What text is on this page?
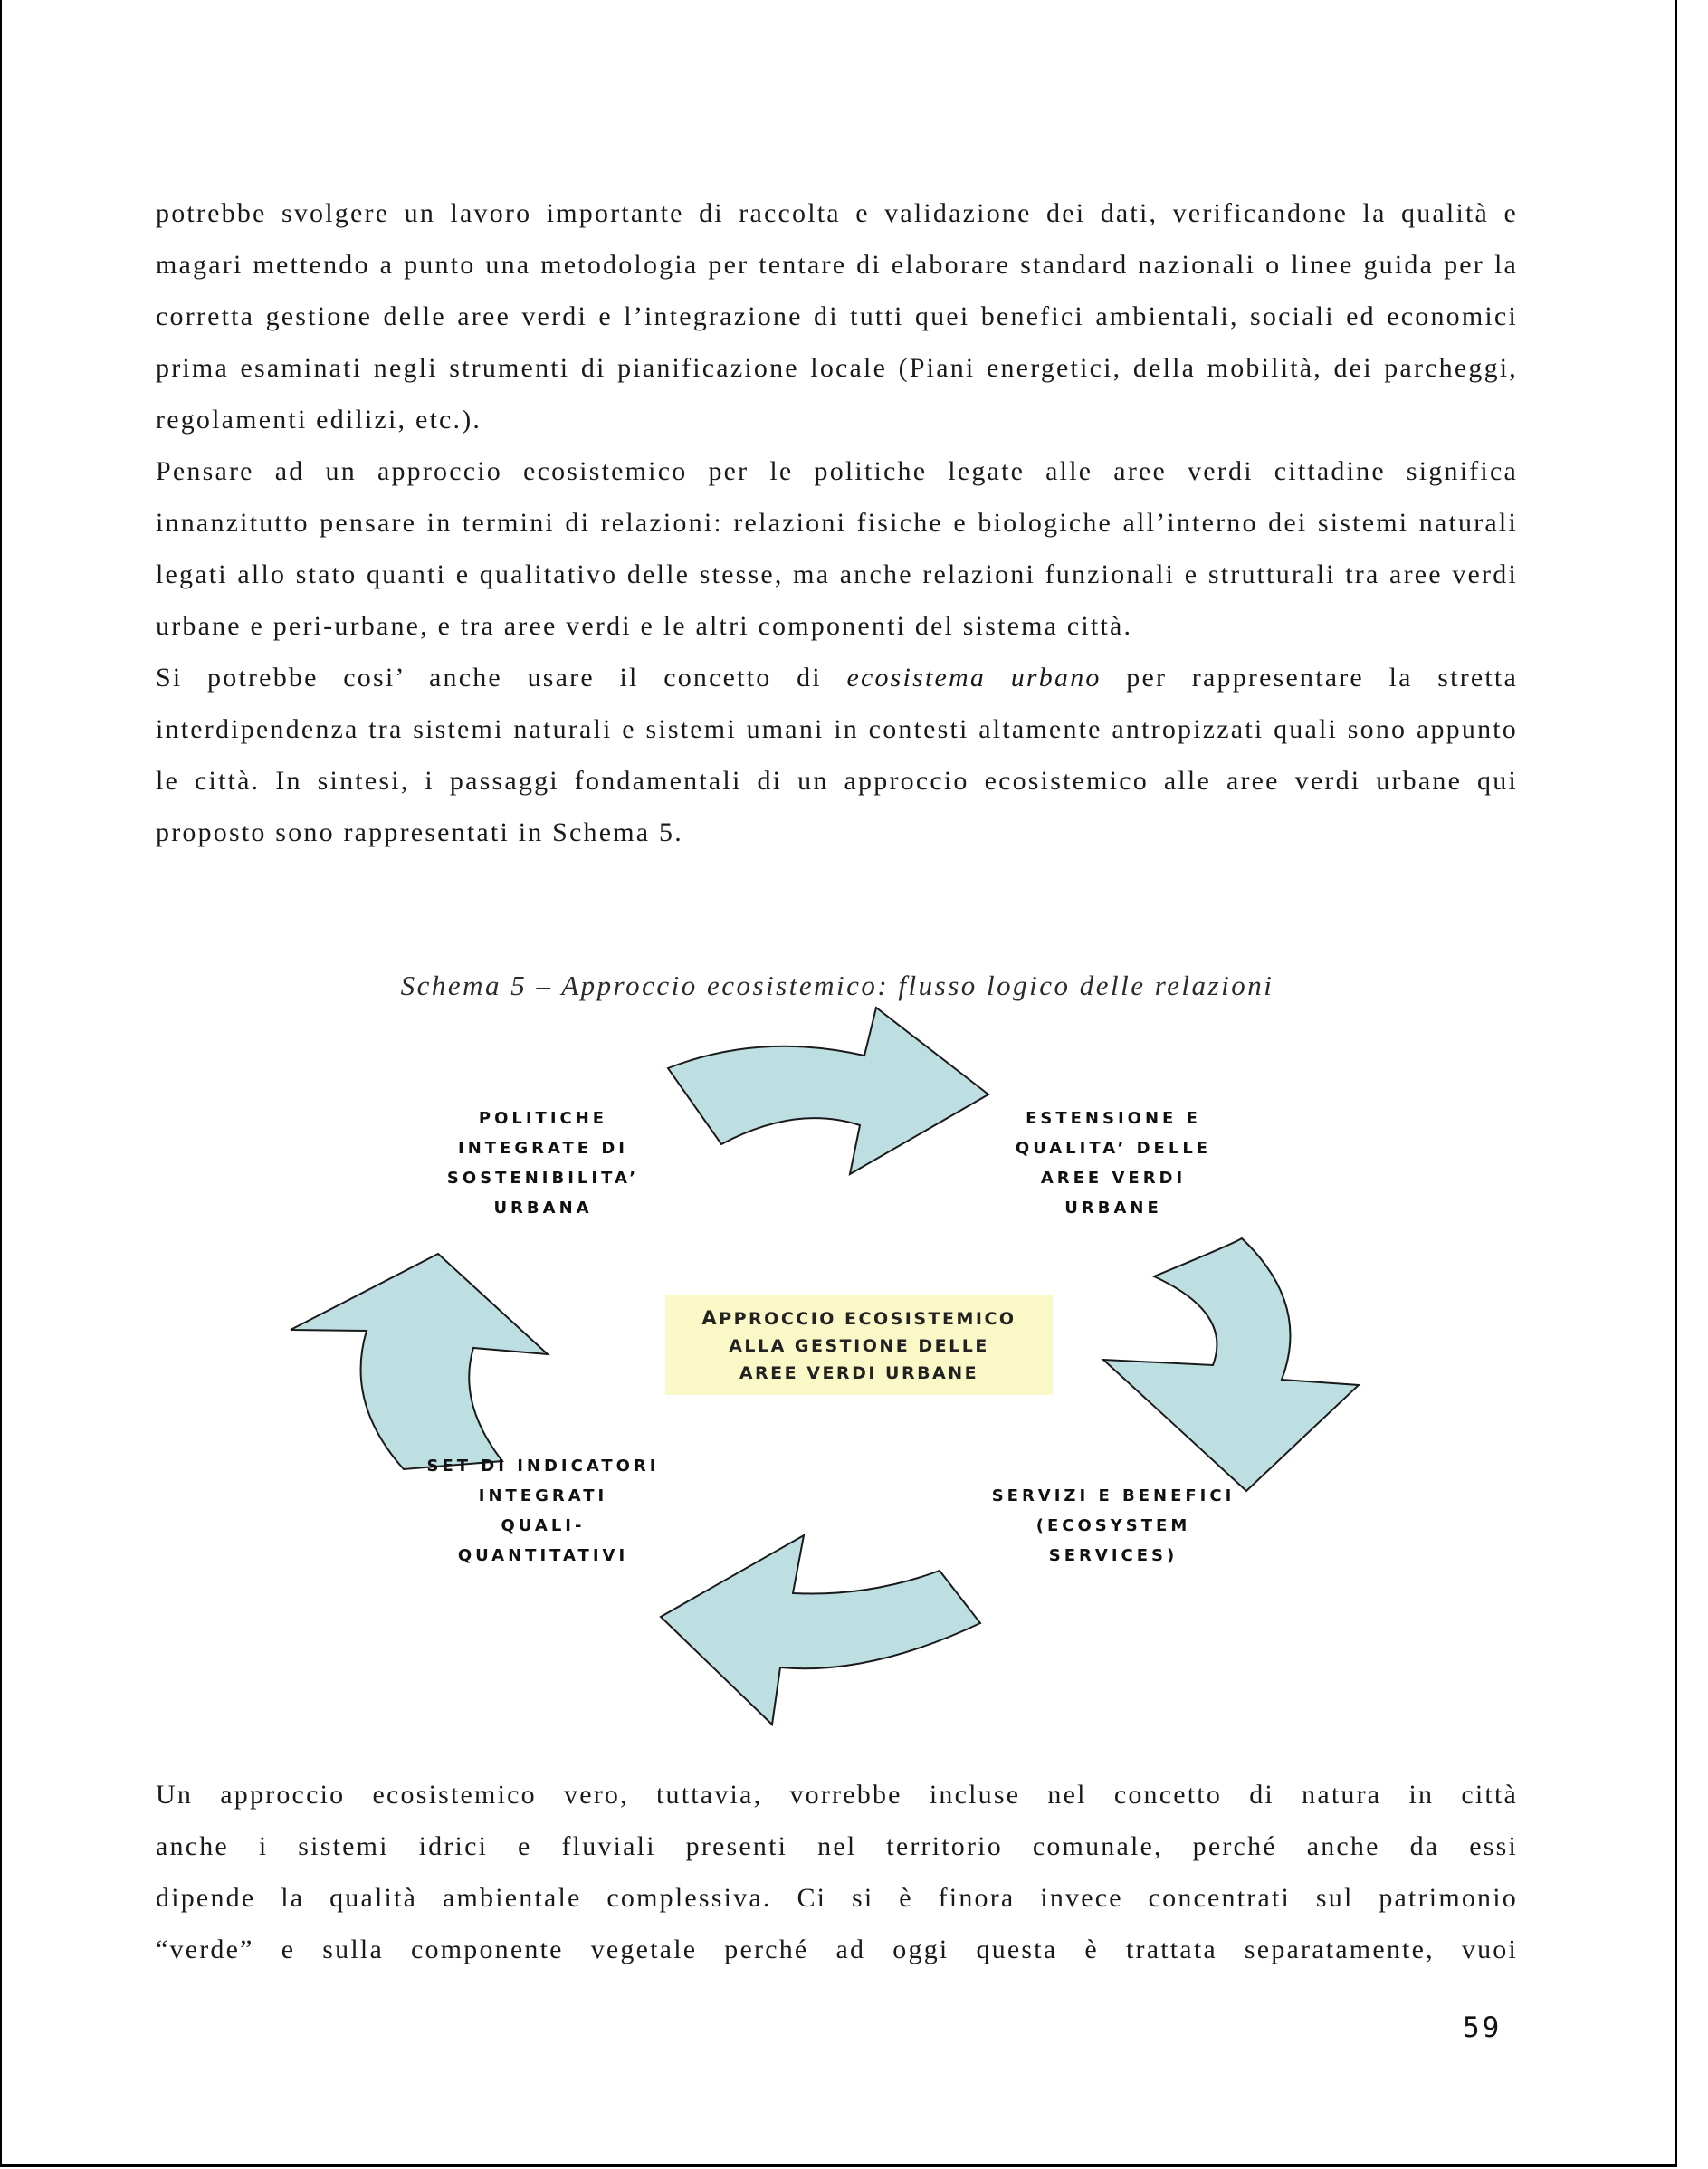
potrebbe svolgere un lavoro importante di raccolta e validazione dei dati, verificandone la qualità e magari mettendo a punto una metodologia per tentare di elaborare standard nazionali o linee guida per la corretta gestione delle aree verdi e l’integrazione di tutti quei benefici ambientali, sociali ed economici prima esaminati negli strumenti di pianificazione locale (Piani energetici, della mobilità, dei parcheggi, regolamenti edilizi, etc.).
Pensare ad un approccio ecosistemico per le politiche legate alle aree verdi cittadine significa innanzitutto pensare in termini di relazioni: relazioni fisiche e biologiche all’interno dei sistemi naturali legati allo stato quanti e qualitativo delle stesse, ma anche relazioni funzionali e strutturali tra aree verdi urbane e peri-urbane, e tra aree verdi e le altri componenti del sistema città.
Si potrebbe cosi’ anche usare il concetto di ecosistema urbano per rappresentare la stretta interdipendenza tra sistemi naturali e sistemi umani in contesti altamente antropizzati quali sono appunto le città. In sintesi, i passaggi fondamentali di un approccio ecosistemico alle aree verdi urbane qui proposto sono rappresentati in Schema 5.

Schema 5 – Approccio ecosistemico: flusso logico delle relazioni

POLITICHE
INTEGRATE DI
SOSTENIBILITA’
URBANA

ESTENSIONE E
QUALITA’ DELLE
AREE VERDI
URBANE

SERVIZI E BENEFICI
(ECOSYSTEM
SERVICES)

SET DI INDICATORI
INTEGRATI
QUALI-
QUANTITATIVI

APPROCCIO ECOSISTEMICO
ALLA GESTIONE DELLE
AREE VERDI URBANE

Un approccio ecosistemico vero, tuttavia, vorrebbe incluse nel concetto di natura in città
anche i sistemi idrici e fluviali presenti nel territorio comunale, perché anche da essi
dipende la qualità ambientale complessiva. Ci si è finora invece concentrati sul patrimonio
“verde” e sulla componente vegetale perché ad oggi questa è trattata separatamente, vuoi

59
